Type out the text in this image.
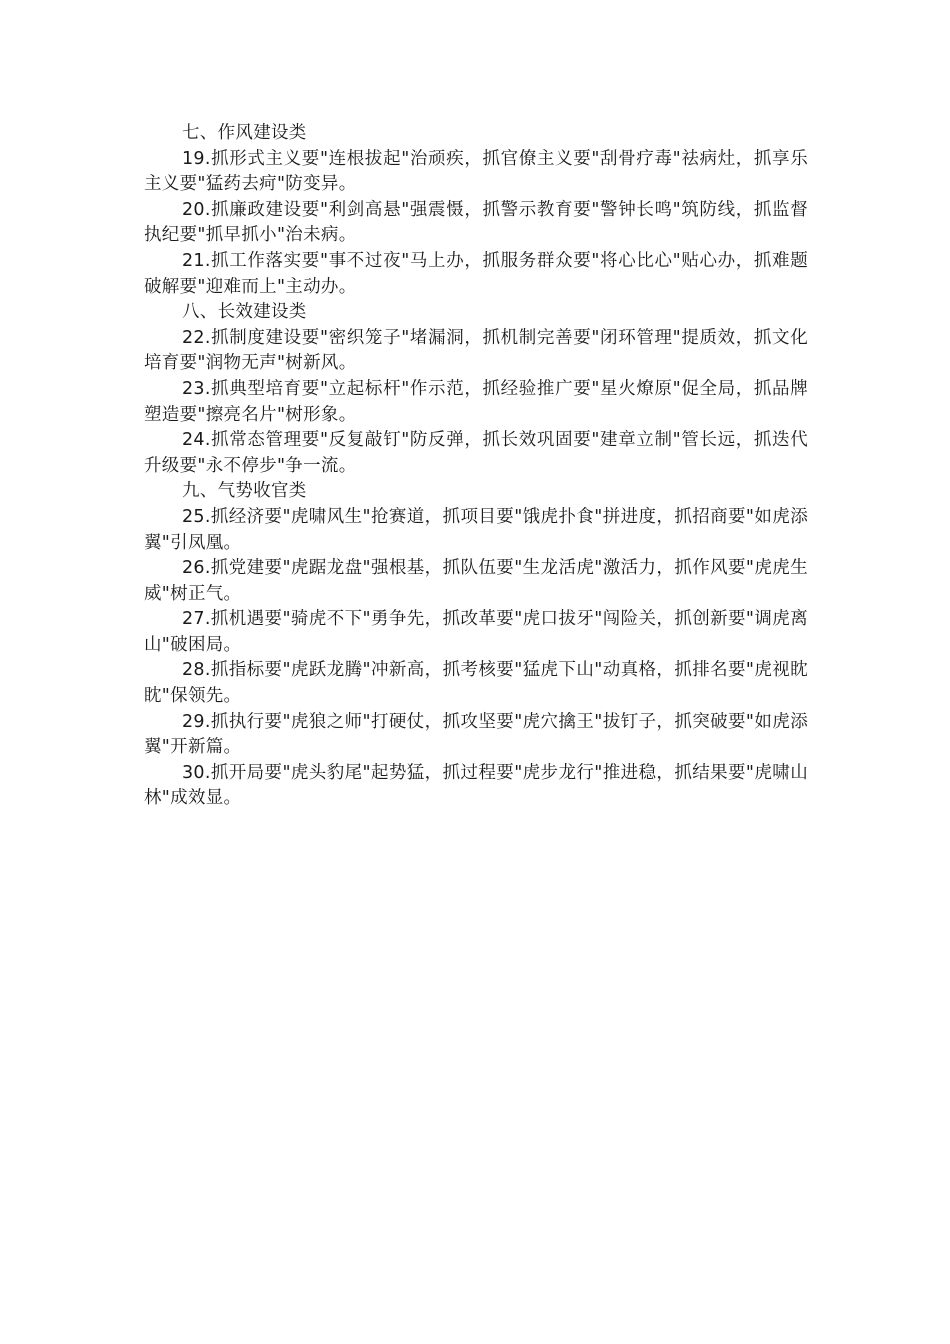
七、作风建设类

19.抓形式主义要"连根拔起"治顽疾，抓官僚主义要"刮骨疗毒"祛病灶，抓享乐主义要"猛药去疴"防变异。

20.抓廉政建设要"利剑高悬"强震慑，抓警示教育要"警钟长鸣"筑防线，抓监督执纪要"抓早抓小"治未病。

21.抓工作落实要"事不过夜"马上办，抓服务群众要"将心比心"贴心办，抓难题破解要"迎难而上"主动办。

八、长效建设类

22.抓制度建设要"密织笼子"堵漏洞，抓机制完善要"闭环管理"提质效，抓文化培育要"润物无声"树新风。

23.抓典型培育要"立起标杆"作示范，抓经验推广要"星火燎原"促全局，抓品牌塑造要"擦亮名片"树形象。

24.抓常态管理要"反复敲钉"防反弹，抓长效巩固要"建章立制"管长远，抓迭代升级要"永不停步"争一流。

九、气势收官类

25.抓经济要"虎啸风生"抢赛道，抓项目要"饿虎扑食"拼进度，抓招商要"如虎添翼"引凤凰。

26.抓党建要"虎踞龙盘"强根基，抓队伍要"生龙活虎"激活力，抓作风要"虎虎生威"树正气。

27.抓机遇要"骑虎不下"勇争先，抓改革要"虎口拔牙"闯险关，抓创新要"调虎离山"破困局。

28.抓指标要"虎跃龙腾"冲新高，抓考核要"猛虎下山"动真格，抓排名要"虎视眈眈"保领先。

29.抓执行要"虎狼之师"打硬仗，抓攻坚要"虎穴擒王"拔钉子，抓突破要"如虎添翼"开新篇。

30.抓开局要"虎头豹尾"起势猛，抓过程要"虎步龙行"推进稳，抓结果要"虎啸山林"成效显。
